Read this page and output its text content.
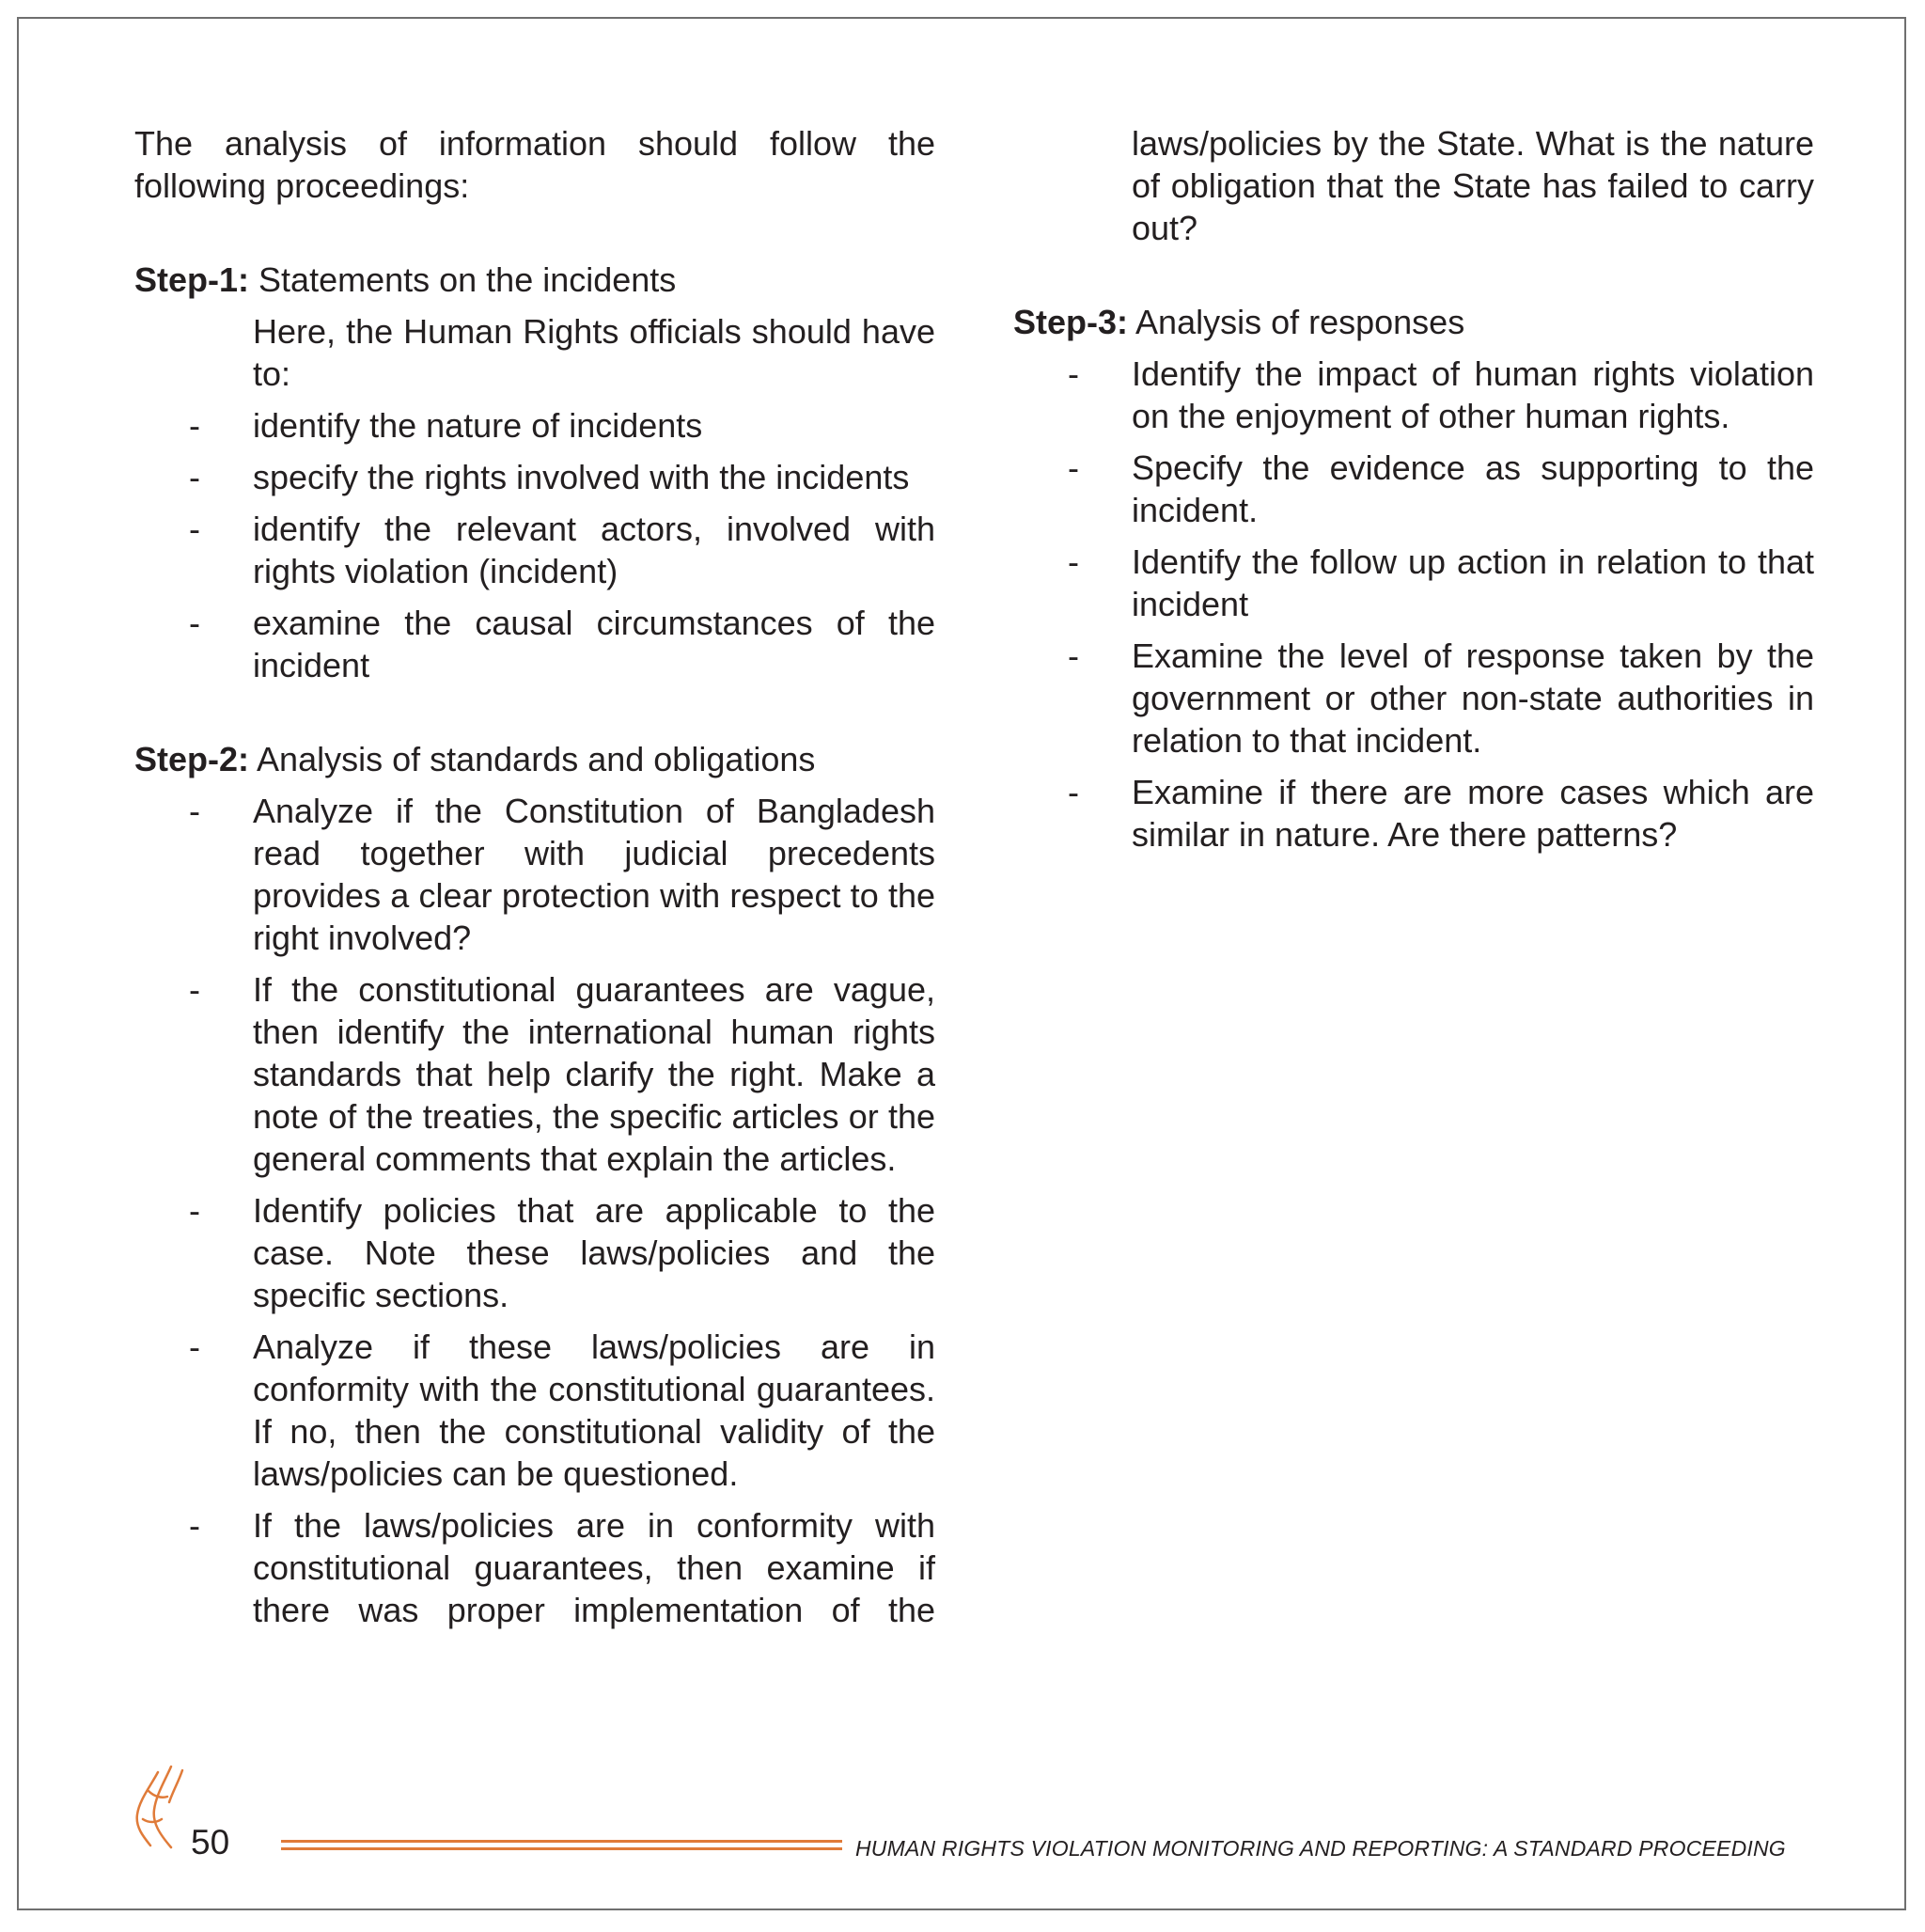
The analysis of information should follow the following proceedings:

Step-1: Statements on the incidents

Here, the Human Rights officials should have to:

- identify the nature of incidents
- specify the rights involved with the incidents
- identify the relevant actors, involved with rights violation (incident)
- examine the causal circumstances of the incident

Step-2: Analysis of standards and obligations

- Analyze if the Constitution of Bangladesh read together with judicial precedents provides a clear protection with respect to the right involved?
- If the constitutional guarantees are vague, then identify the international human rights standards that help clarify the right. Make a note of the treaties, the specific articles or the general comments that explain the articles.
- Identify policies that are applicable to the case. Note these laws/policies and the specific sections.
- Analyze if these laws/policies are in conformity with the constitutional guarantees. If no, then the constitutional validity of the laws/policies can be questioned.
- If the laws/policies are in conformity with constitutional guarantees, then examine if there was proper implementation of the

laws/policies by the State. What is the nature of obligation that the State has failed to carry out?

Step-3: Analysis of responses

- Identify the impact of human rights violation on the enjoyment of other human rights.
- Specify the evidence as supporting to the incident.
- Identify the follow up action in relation to that incident
- Examine the level of response taken by the government or other non-state authorities in relation to that incident.
- Examine if there are more cases which are similar in nature. Are there patterns?
50	HUMAN RIGHTS VIOLATION MONITORING AND REPORTING: A STANDARD PROCEEDING
